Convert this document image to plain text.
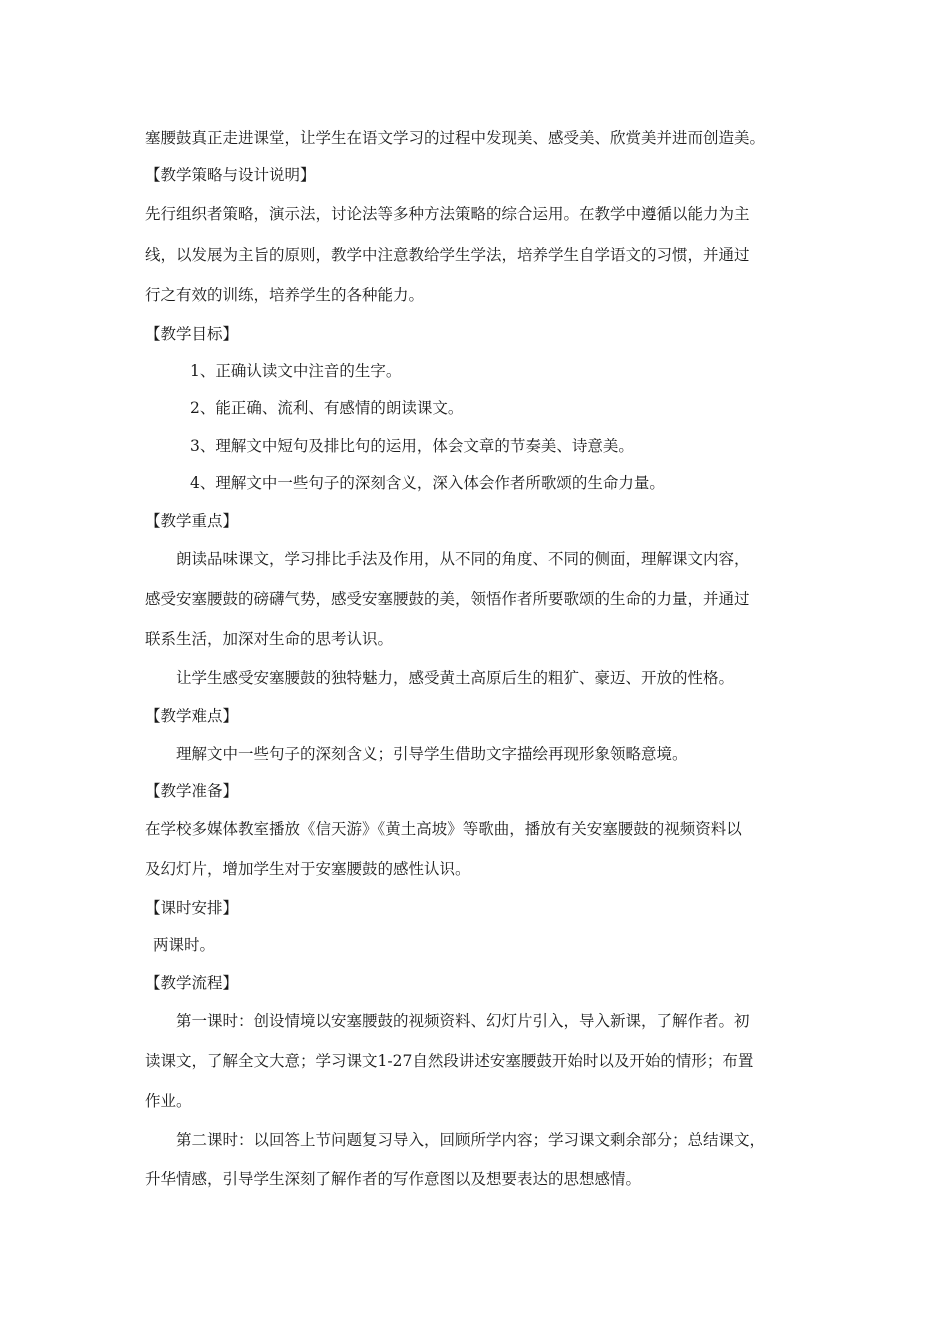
塞腰鼓真正走进课堂，让学生在语文学习的过程中发现美、感受美、欣赏美并进而创造美。
【教学策略与设计说明】
先行组织者策略，演示法，讨论法等多种方法策略的综合运用。在教学中遵循以能力为主
线，以发展为主旨的原则，教学中注意教给学生学法，培养学生自学语文的习惯，并通过
行之有效的训练，培养学生的各种能力。
【教学目标】
1、正确认读文中注音的生字。
2、能正确、流利、有感情的朗读课文。
3、理解文中短句及排比句的运用，体会文章的节奏美、诗意美。
4、理解文中一些句子的深刻含义，深入体会作者所歌颂的生命力量。
【教学重点】
朗读品味课文，学习排比手法及作用，从不同的角度、不同的侧面，理解课文内容，
感受安塞腰鼓的磅礴气势，感受安塞腰鼓的美，领悟作者所要歌颂的生命的力量，并通过
联系生活，加深对生命的思考认识。
让学生感受安塞腰鼓的独特魅力，感受黄土高原后生的粗犷、豪迈、开放的性格。
【教学难点】
理解文中一些句子的深刻含义；引导学生借助文字描绘再现形象领略意境。
【教学准备】
在学校多媒体教室播放《信天游》《黄土高坡》等歌曲，播放有关安塞腰鼓的视频资料以
及幻灯片，增加学生对于安塞腰鼓的感性认识。
【课时安排】
两课时。
【教学流程】
第一课时：创设情境以安塞腰鼓的视频资料、幻灯片引入，导入新课，了解作者。初
读课文，了解全文大意；学习课文1-27自然段讲述安塞腰鼓开始时以及开始的情形；布置
作业。
第二课时：以回答上节问题复习导入，回顾所学内容；学习课文剩余部分；总结课文，
升华情感，引导学生深刻了解作者的写作意图以及想要表达的思想感情。
